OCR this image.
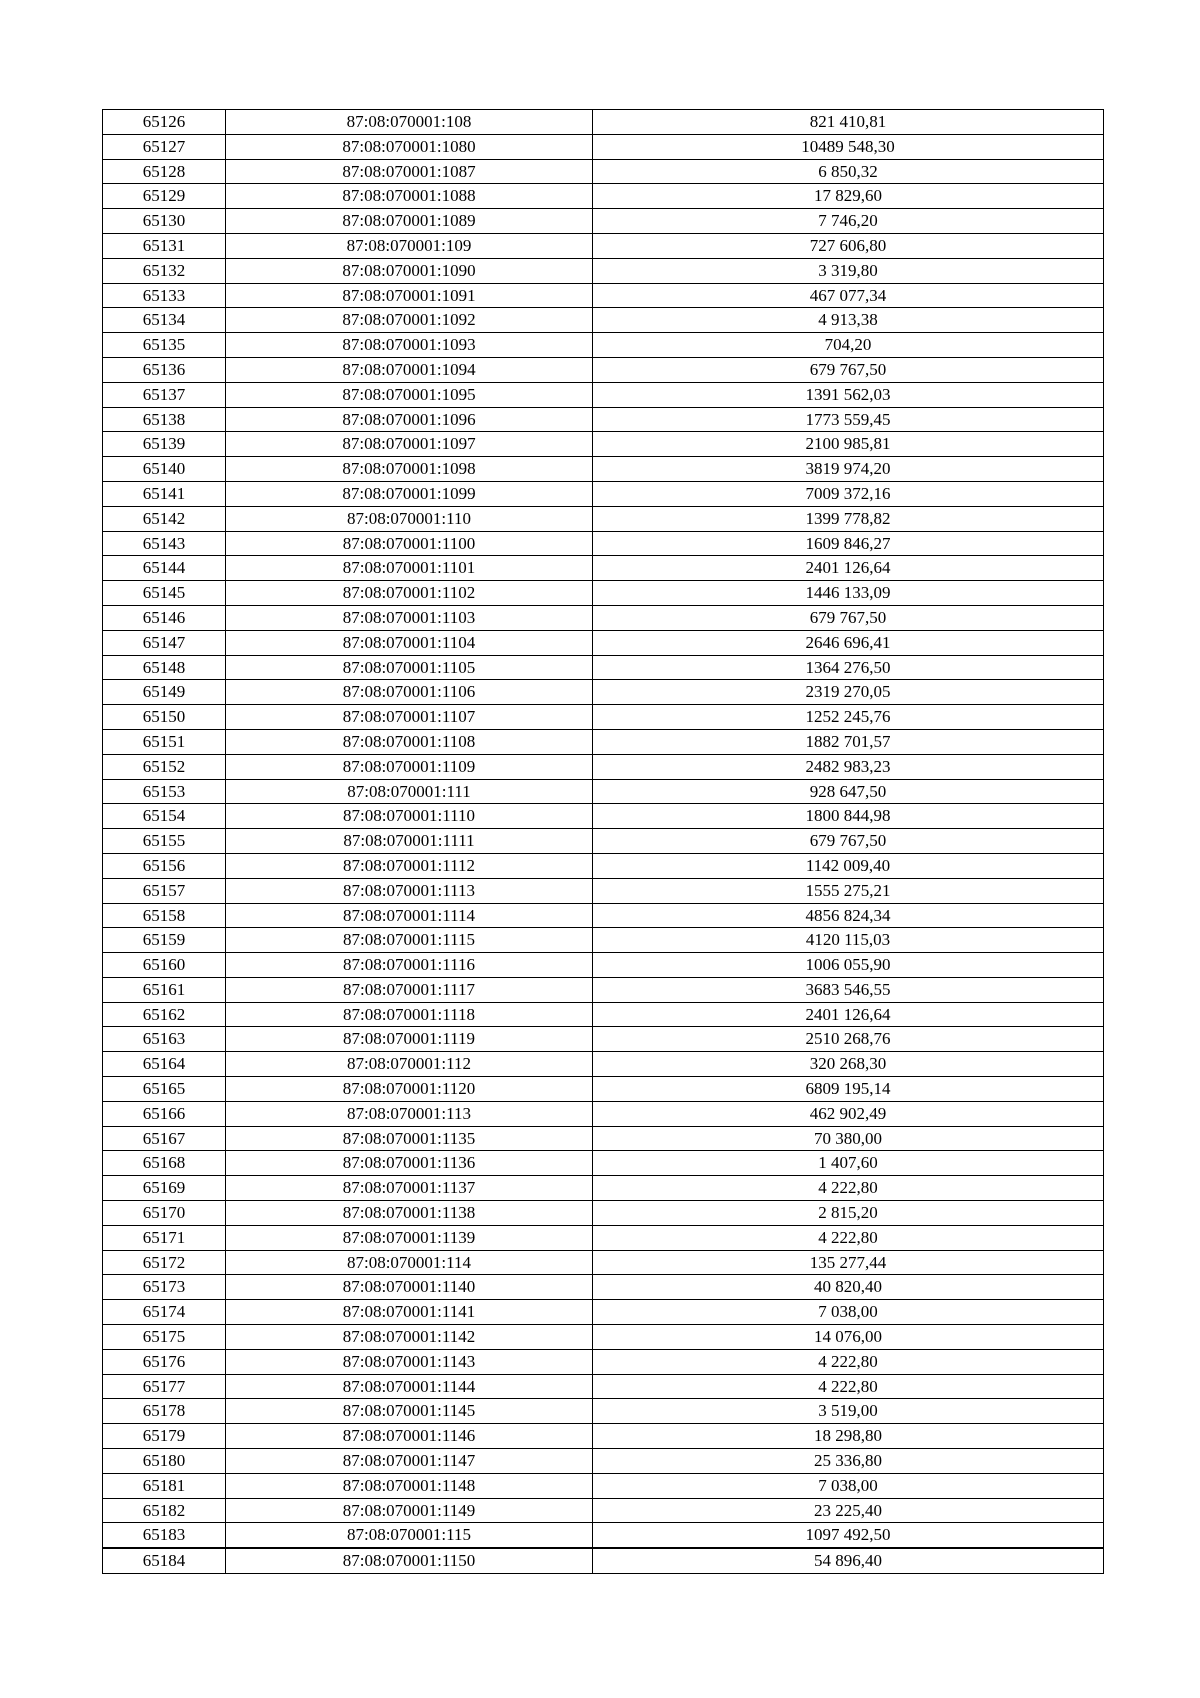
65126	87:08:070001:108	821 410,81
65127	87:08:070001:1080	10489 548,30
65128	87:08:070001:1087	6 850,32
65129	87:08:070001:1088	17 829,60
65130	87:08:070001:1089	7 746,20
65131	87:08:070001:109	727 606,80
65132	87:08:070001:1090	3 319,80
65133	87:08:070001:1091	467 077,34
65134	87:08:070001:1092	4 913,38
65135	87:08:070001:1093	704,20
65136	87:08:070001:1094	679 767,50
65137	87:08:070001:1095	1391 562,03
65138	87:08:070001:1096	1773 559,45
65139	87:08:070001:1097	2100 985,81
65140	87:08:070001:1098	3819 974,20
65141	87:08:070001:1099	7009 372,16
65142	87:08:070001:110	1399 778,82
65143	87:08:070001:1100	1609 846,27
65144	87:08:070001:1101	2401 126,64
65145	87:08:070001:1102	1446 133,09
65146	87:08:070001:1103	679 767,50
65147	87:08:070001:1104	2646 696,41
65148	87:08:070001:1105	1364 276,50
65149	87:08:070001:1106	2319 270,05
65150	87:08:070001:1107	1252 245,76
65151	87:08:070001:1108	1882 701,57
65152	87:08:070001:1109	2482 983,23
65153	87:08:070001:111	928 647,50
65154	87:08:070001:1110	1800 844,98
65155	87:08:070001:1111	679 767,50
65156	87:08:070001:1112	1142 009,40
65157	87:08:070001:1113	1555 275,21
65158	87:08:070001:1114	4856 824,34
65159	87:08:070001:1115	4120 115,03
65160	87:08:070001:1116	1006 055,90
65161	87:08:070001:1117	3683 546,55
65162	87:08:070001:1118	2401 126,64
65163	87:08:070001:1119	2510 268,76
65164	87:08:070001:112	320 268,30
65165	87:08:070001:1120	6809 195,14
65166	87:08:070001:113	462 902,49
65167	87:08:070001:1135	70 380,00
65168	87:08:070001:1136	1 407,60
65169	87:08:070001:1137	4 222,80
65170	87:08:070001:1138	2 815,20
65171	87:08:070001:1139	4 222,80
65172	87:08:070001:114	135 277,44
65173	87:08:070001:1140	40 820,40
65174	87:08:070001:1141	7 038,00
65175	87:08:070001:1142	14 076,00
65176	87:08:070001:1143	4 222,80
65177	87:08:070001:1144	4 222,80
65178	87:08:070001:1145	3 519,00
65179	87:08:070001:1146	18 298,80
65180	87:08:070001:1147	25 336,80
65181	87:08:070001:1148	7 038,00
65182	87:08:070001:1149	23 225,40
65183	87:08:070001:115	1097 492,50
65184	87:08:070001:1150	54 896,40
